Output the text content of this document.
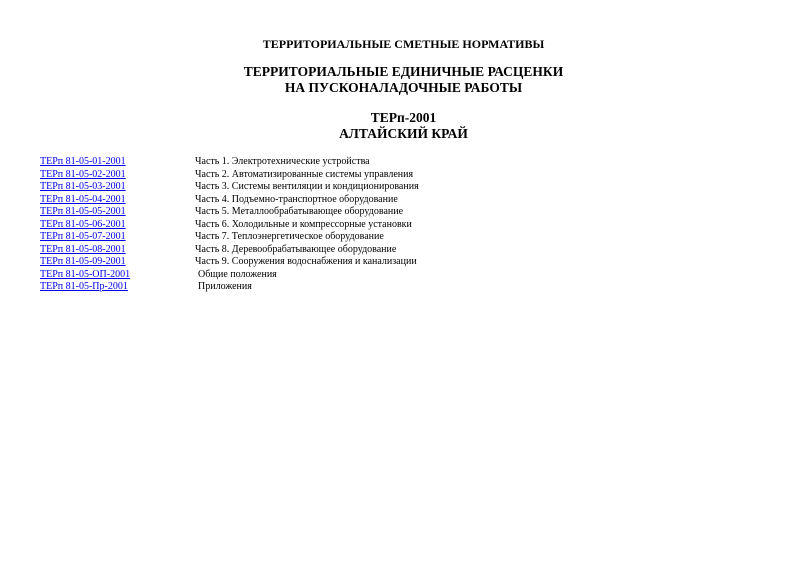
ТЕРРИТОРИАЛЬНЫЕ СМЕТНЫЕ НОРМАТИВЫ
ТЕРРИТОРИАЛЬНЫЕ ЕДИНИЧНЫЕ РАСЦЕНКИ
НА ПУСКОНАЛАДОЧНЫЕ РАБОТЫ
ТЕРп-2001
АЛТАЙСКИЙ КРАЙ
ТЕРп 81-05-01-2001	Часть 1. Электротехнические устройства
ТЕРп 81-05-02-2001	Часть 2. Автоматизированные системы управления
ТЕРп 81-05-03-2001	Часть 3. Системы вентиляции и кондиционирования
ТЕРп 81-05-04-2001	Часть 4. Подъемно-транспортное оборудование
ТЕРп 81-05-05-2001	Часть 5. Металлообрабатывающее оборудование
ТЕРп 81-05-06-2001	Часть 6. Холодильные и компрессорные установки
ТЕРп 81-05-07-2001	Часть 7. Теплоэнергетическое оборудование
ТЕРп 81-05-08-2001	Часть 8. Деревообрабатывающее оборудование
ТЕРп 81-05-09-2001	Часть 9. Сооружения водоснабжения и канализации
ТЕРп 81-05-ОП-2001	Общие положения
ТЕРп 81-05-Пр-2001	Приложения
